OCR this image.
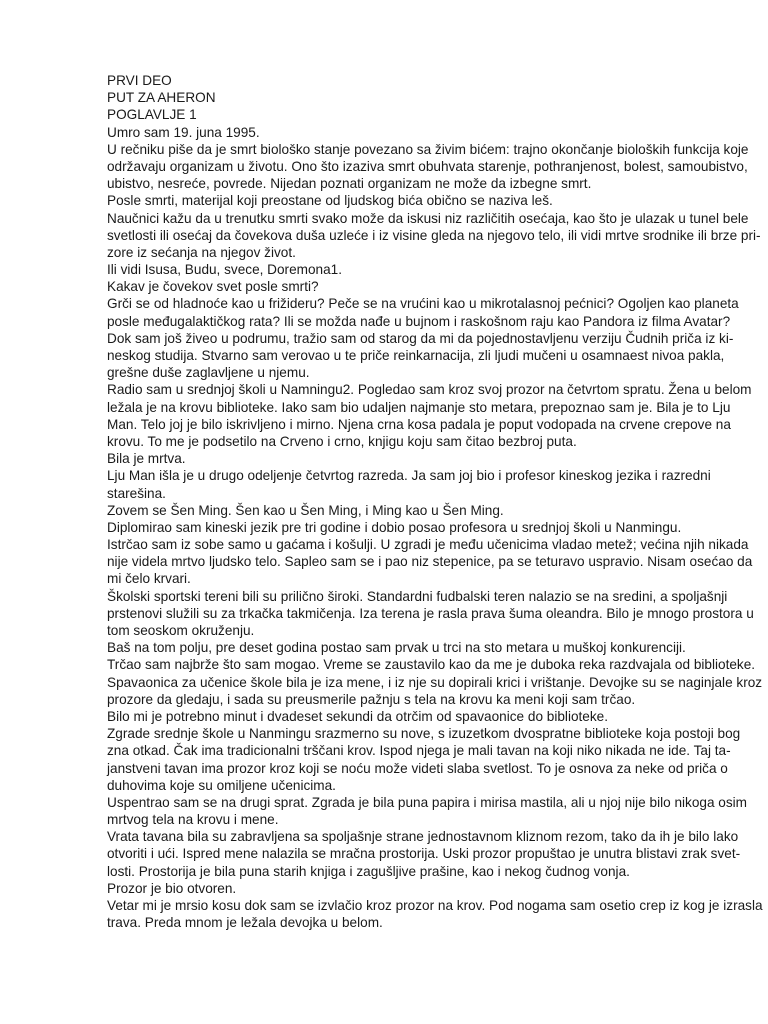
PRVI DEO
PUT ZA AHERON
POGLAVLJE 1
Umro sam 19. juna 1995.
U rečniku piše da je smrt biološko stanje povezano sa živim bićem: trajno okončanje bioloških funkcija koje
održavaju organizam u životu. Ono što izaziva smrt obuhvata starenje, pothranjenost, bolest, samoubistvo,
ubistvo, nesreće, povrede. Nijedan poznati organizam ne može da izbegne smrt.
Posle smrti, materijal koji preostane od ljudskog bića obično se naziva leš.
Naučnici kažu da u trenutku smrti svako može da iskusi niz različitih osećaja, kao što je ulazak u tunel bele
svetlosti ili osećaj da čovekova duša uzleće i iz visine gleda na njegovo telo, ili vidi mrtve srodnike ili brze pri-
zore iz sećanja na njegov život.
Ili vidi Isusa, Budu, svece, Doremona1.
Kakav je čovekov svet posle smrti?
Grči se od hladnoće kao u frižideru? Peče se na vrućini kao u mikrotalasnoj pećnici? Ogoljen kao planeta
posle međugalaktičkog rata? Ili se možda nađe u bujnom i raskošnom raju kao Pandora iz filma Avatar?
Dok sam još živeo u podrumu, tražio sam od starog da mi da pojednostavljenu verziju Čudnih priča iz ki-
neskog studija. Stvarno sam verovao u te priče reinkarnacija, zli ljudi mučeni u osamnaest nivoa pakla,
grešne duše zaglavljene u njemu.
Radio sam u srednjoj školi u Namningu2. Pogledao sam kroz svoj prozor na četvrtom spratu. Žena u belom
ležala je na krovu biblioteke. Iako sam bio udaljen najmanje sto metara, prepoznao sam je. Bila je to Lju
Man. Telo joj je bilo iskrivljeno i mirno. Njena crna kosa padala je poput vodopada na crvene crepove na
krovu. To me je podsetilo na Crveno i crno, knjigu koju sam čitao bezbroj puta.
Bila je mrtva.
Lju Man išla je u drugo odeljenje četvrtog razreda. Ja sam joj bio i profesor kineskog jezika i razredni
starešina.
Zovem se Šen Ming. Šen kao u Šen Ming, i Ming kao u Šen Ming.
Diplomirao sam kineski jezik pre tri godine i dobio posao profesora u srednjoj školi u Nanmingu.
Istrčao sam iz sobe samo u gaćama i košulji. U zgradi je među učenicima vladao metež; većina njih nikada
nije videla mrtvo ljudsko telo. Sapleo sam se i pao niz stepenice, pa se teturavo uspravio. Nisam osećao da
mi čelo krvari.
Školski sportski tereni bili su prilično široki. Standardni fudbalski teren nalazio se na sredini, a spoljašnji
prstenovi služili su za trkačka takmičenja. Iza terena je rasla prava šuma oleandra. Bilo je mnogo prostora u
tom seoskom okruženju.
Baš na tom polju, pre deset godina postao sam prvak u trci na sto metara u muškoj konkurenciji.
Trčao sam najbrže što sam mogao. Vreme se zaustavilo kao da me je duboka reka razdvajala od biblioteke.
Spavaonica za učenice škole bila je iza mene, i iz nje su dopirali krici i vrištanje. Devojke su se naginjale kroz
prozore da gledaju, i sada su preusmerile pažnju s tela na krovu ka meni koji sam trčao.
Bilo mi je potrebno minut i dvadeset sekundi da otrčim od spavaonice do biblioteke.
Zgrade srednje škole u Nanmingu srazmerno su nove, s izuzetkom dvospratne biblioteke koja postoji bog
zna otkad. Čak ima tradicionalni trščani krov. Ispod njega je mali tavan na koji niko nikada ne ide. Taj ta-
janstveni tavan ima prozor kroz koji se noću može videti slaba svetlost. To je osnova za neke od priča o
duhovima koje su omiljene učenicima.
Uspentrao sam se na drugi sprat. Zgrada je bila puna papira i mirisa mastila, ali u njoj nije bilo nikoga osim
mrtvog tela na krovu i mene.
Vrata tavana bila su zabravljena sa spoljašnje strane jednostavnom kliznom rezom, tako da ih je bilo lako
otvoriti i ući. Ispred mene nalazila se mračna prostorija. Uski prozor propuštao je unutra blistavi zrak svet-
losti. Prostorija je bila puna starih knjiga i zagušljive prašine, kao i nekog čudnog vonja.
Prozor je bio otvoren.
Vetar mi je mrsio kosu dok sam se izvlačio kroz prozor na krov. Pod nogama sam osetio crep iz kog je izrasla
trava. Preda mnom je ležala devojka u belom.
